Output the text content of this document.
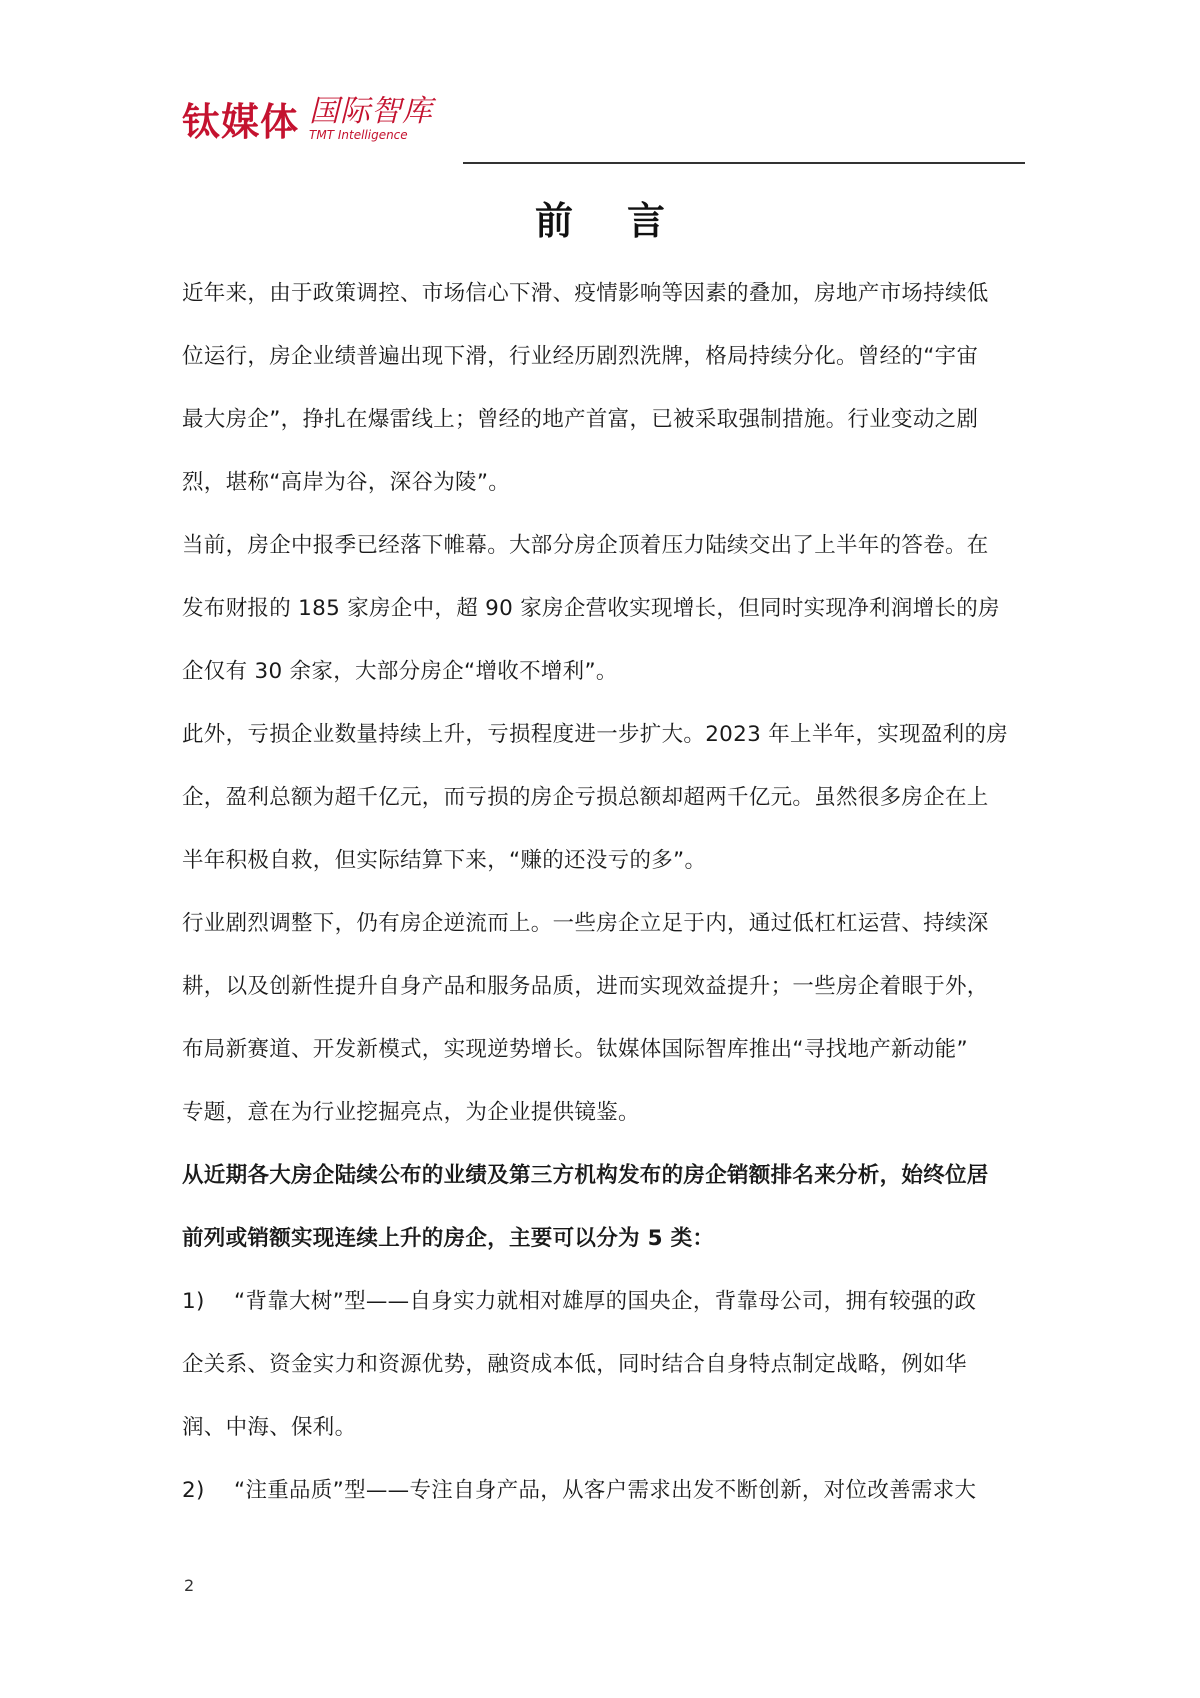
钛媒体 国际智库
TMT Intelligence
前言
近年来，由于政策调控、市场信心下滑、疫情影响等因素的叠加，房地产市场持续低
位运行，房企业绩普遍出现下滑，行业经历剧烈洗牌，格局持续分化。曾经的“宇宙
最大房企”，挣扎在爆雷线上；曾经的地产首富，已被采取强制措施。行业变动之剧
烈，堪称“高岸为谷，深谷为陵”。
当前，房企中报季已经落下帷幕。大部分房企顶着压力陆续交出了上半年的答卷。在
发布财报的 185 家房企中，超 90 家房企营收实现增长，但同时实现净利润增长的房
企仅有 30 余家，大部分房企“增收不增利”。
此外，亏损企业数量持续上升，亏损程度进一步扩大。2023 年上半年，实现盈利的房
企，盈利总额为超千亿元，而亏损的房企亏损总额却超两千亿元。虽然很多房企在上
半年积极自救，但实际结算下来，“赚的还没亏的多”。
行业剧烈调整下，仍有房企逆流而上。一些房企立足于内，通过低杠杠运营、持续深
耕，以及创新性提升自身产品和服务品质，进而实现效益提升；一些房企着眼于外，
布局新赛道、开发新模式，实现逆势增长。钛媒体国际智库推出“寻找地产新动能”
专题，意在为行业挖掘亮点，为企业提供镜鉴。
从近期各大房企陆续公布的业绩及第三方机构发布的房企销额排名来分析，始终位居
前列或销额实现连续上升的房企，主要可以分为 5 类：
1) “背靠大树”型——自身实力就相对雄厚的国央企，背靠母公司，拥有较强的政
企关系、资金实力和资源优势，融资成本低，同时结合自身特点制定战略，例如华
润、中海、保利。
2) “注重品质”型——专注自身产品，从客户需求出发不断创新，对位改善需求大
2
